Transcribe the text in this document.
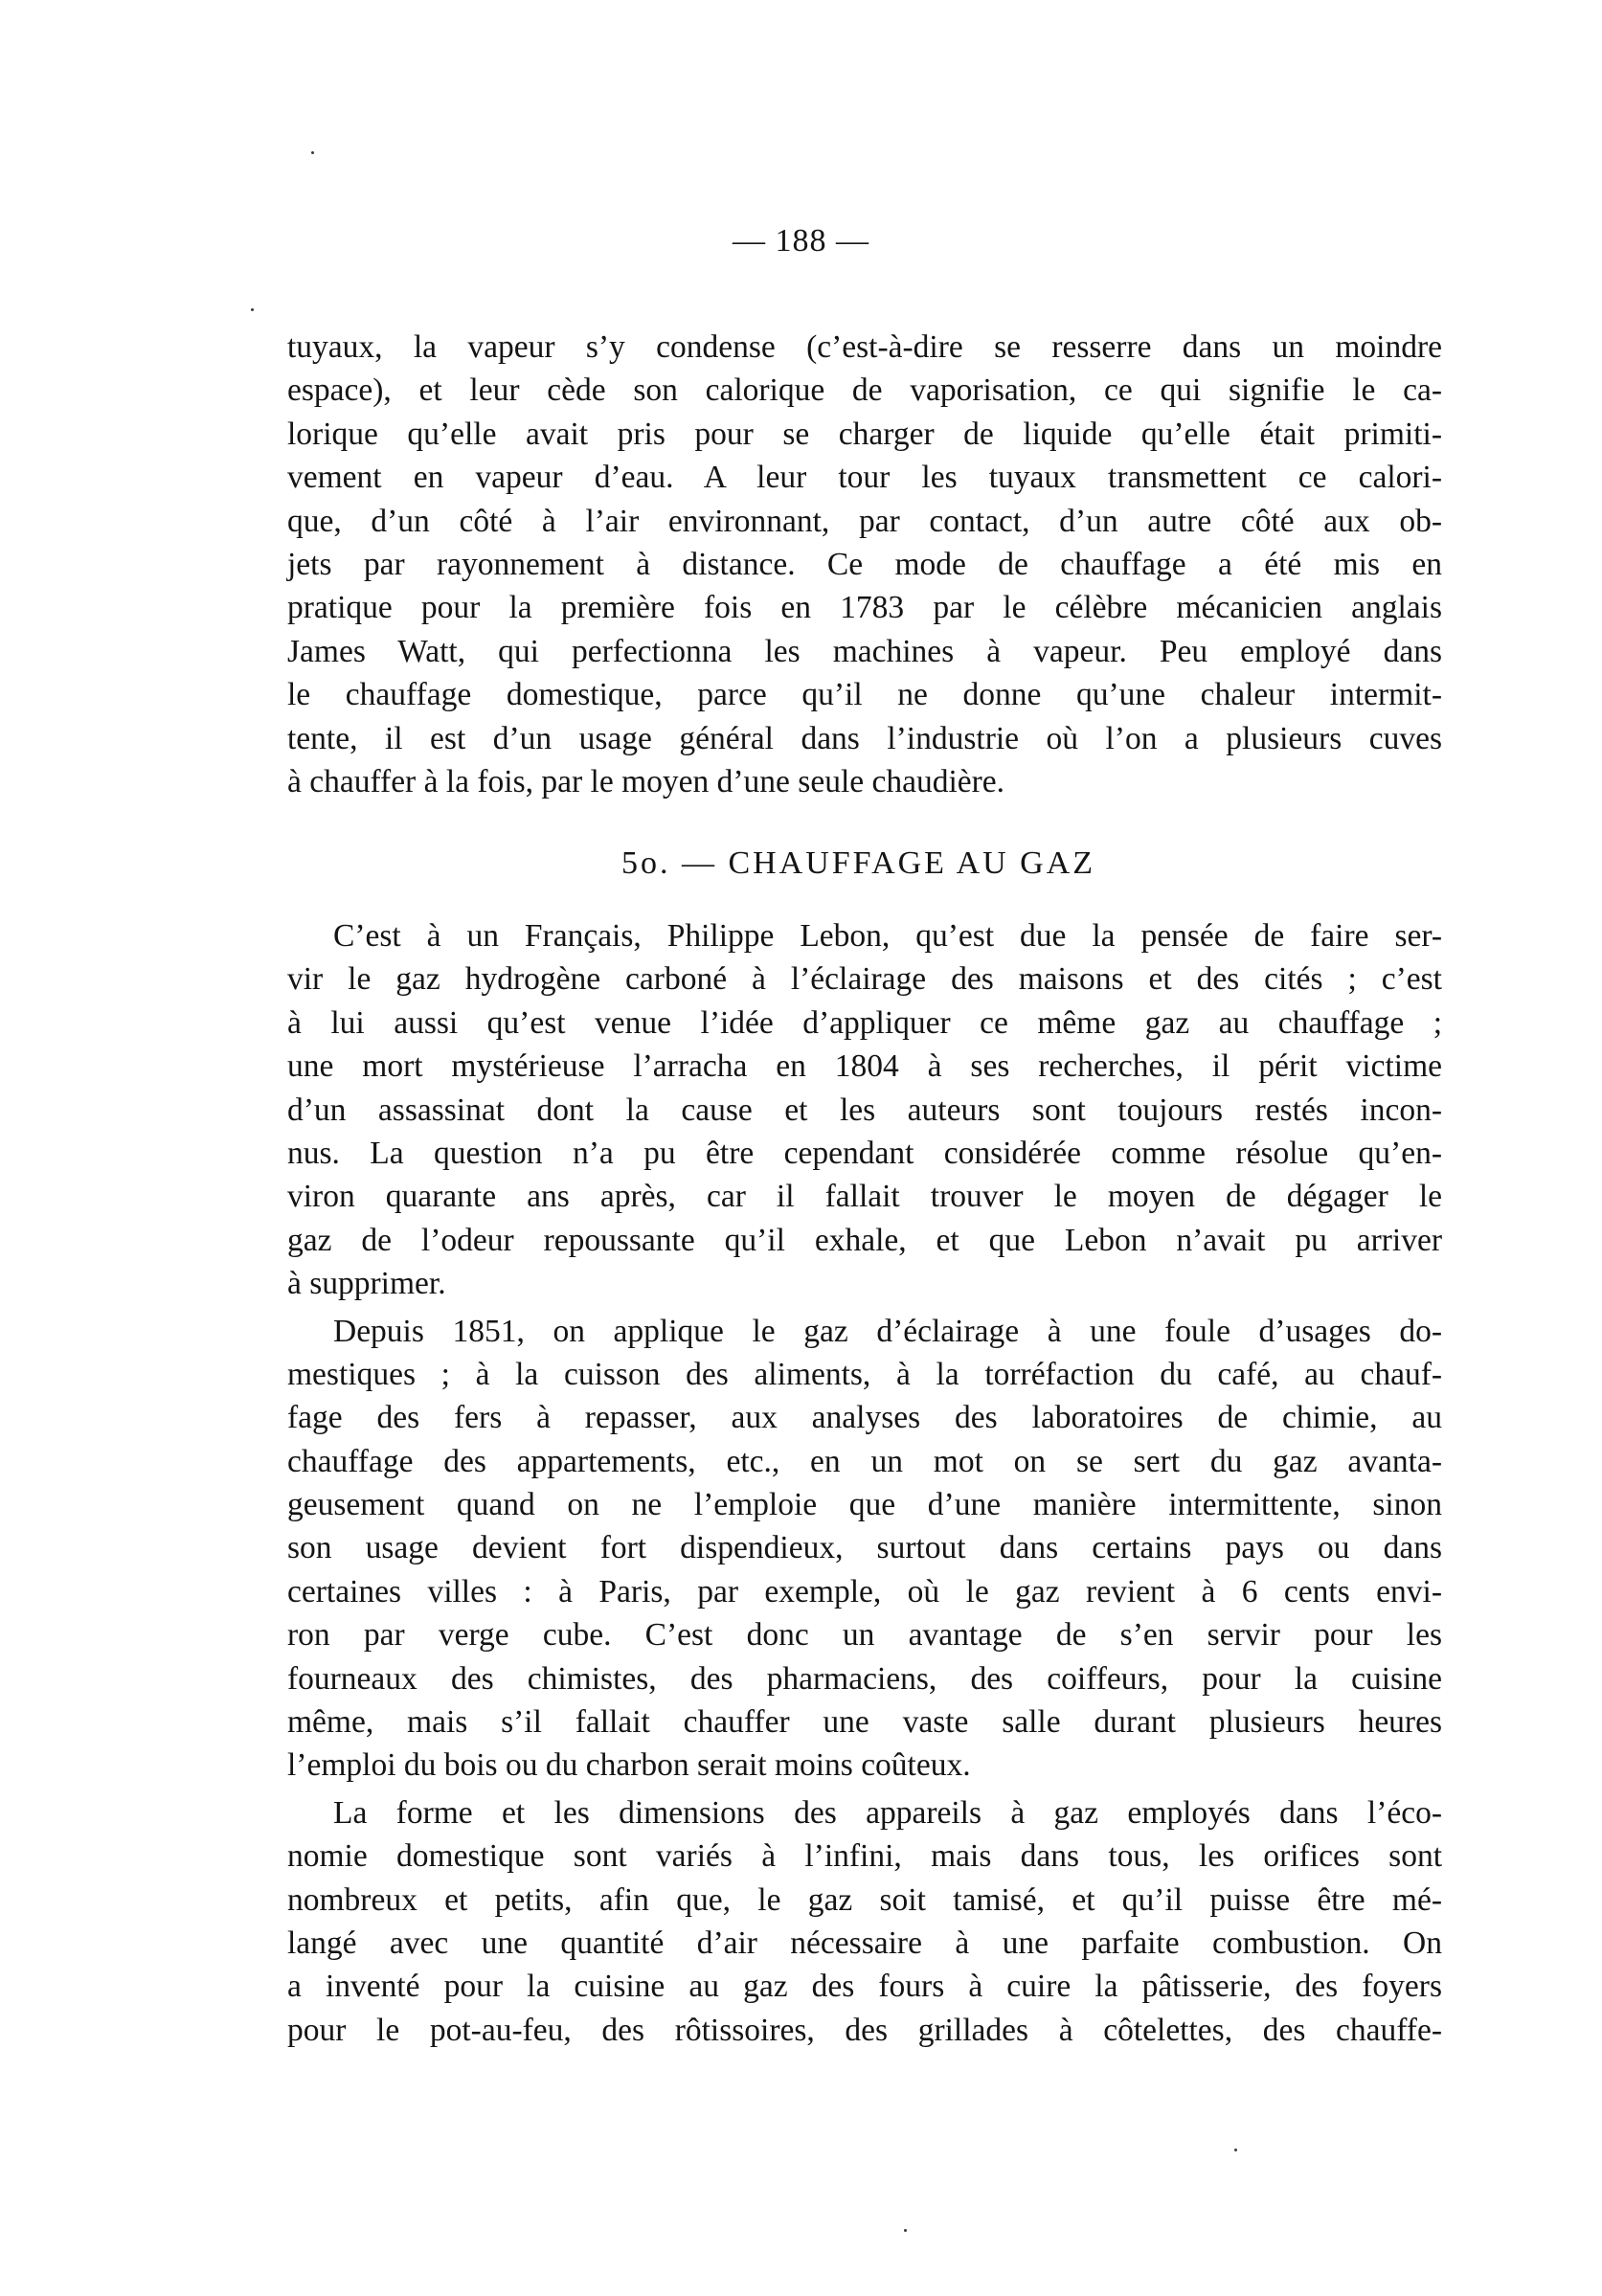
— 188 —
tuyaux, la vapeur s’y condense (c’est-à-dire se resserre dans un moindre
espace), et leur cède son calorique de vaporisation, ce qui signifie le ca-
lorique qu’elle avait pris pour se charger de liquide qu’elle était primiti-
vement en vapeur d’eau. A leur tour les tuyaux transmettent ce calori-
que, d’un côté à l’air environnant, par contact, d’un autre côté aux ob-
jets par rayonnement à distance. Ce mode de chauffage a été mis en
pratique pour la première fois en 1783 par le célèbre mécanicien anglais
James Watt, qui perfectionna les machines à vapeur. Peu employé dans
le chauffage domestique, parce qu’il ne donne qu’une chaleur intermit-
tente, il est d’un usage général dans l’industrie où l’on a plusieurs cuves
à chauffer à la fois, par le moyen d’une seule chaudière.
5o. — CHAUFFAGE AU GAZ
C’est à un Français, Philippe Lebon, qu’est due la pensée de faire ser-
vir le gaz hydrogène carboné à l’éclairage des maisons et des cités ; c’est
à lui aussi qu’est venue l’idée d’appliquer ce même gaz au chauffage ;
une mort mystérieuse l’arracha en 1804 à ses recherches, il périt victime
d’un assassinat dont la cause et les auteurs sont toujours restés incon-
nus. La question n’a pu être cependant considérée comme résolue qu’en-
viron quarante ans après, car il fallait trouver le moyen de dégager le
gaz de l’odeur repoussante qu’il exhale, et que Lebon n’avait pu arriver
à supprimer.
Depuis 1851, on applique le gaz d’éclairage à une foule d’usages do-
mestiques ; à la cuisson des aliments, à la torréfaction du café, au chauf-
fage des fers à repasser, aux analyses des laboratoires de chimie, au
chauffage des appartements, etc., en un mot on se sert du gaz avanta-
geusement quand on ne l’emploie que d’une manière intermittente, sinon
son usage devient fort dispendieux, surtout dans certains pays ou dans
certaines villes : à Paris, par exemple, où le gaz revient à 6 cents envi-
ron par verge cube. C’est donc un avantage de s’en servir pour les
fourneaux des chimistes, des pharmaciens, des coiffeurs, pour la cuisine
même, mais s’il fallait chauffer une vaste salle durant plusieurs heures
l’emploi du bois ou du charbon serait moins coûteux.
La forme et les dimensions des appareils à gaz employés dans l’éco-
nomie domestique sont variés à l’infini, mais dans tous, les orifices sont
nombreux et petits, afin que, le gaz soit tamisé, et qu’il puisse être mé-
langé avec une quantité d’air nécessaire à une parfaite combustion. On
a inventé pour la cuisine au gaz des fours à cuire la pâtisserie, des foyers
pour le pot-au-feu, des rôtissoires, des grillades à côtelettes, des chauffe-
